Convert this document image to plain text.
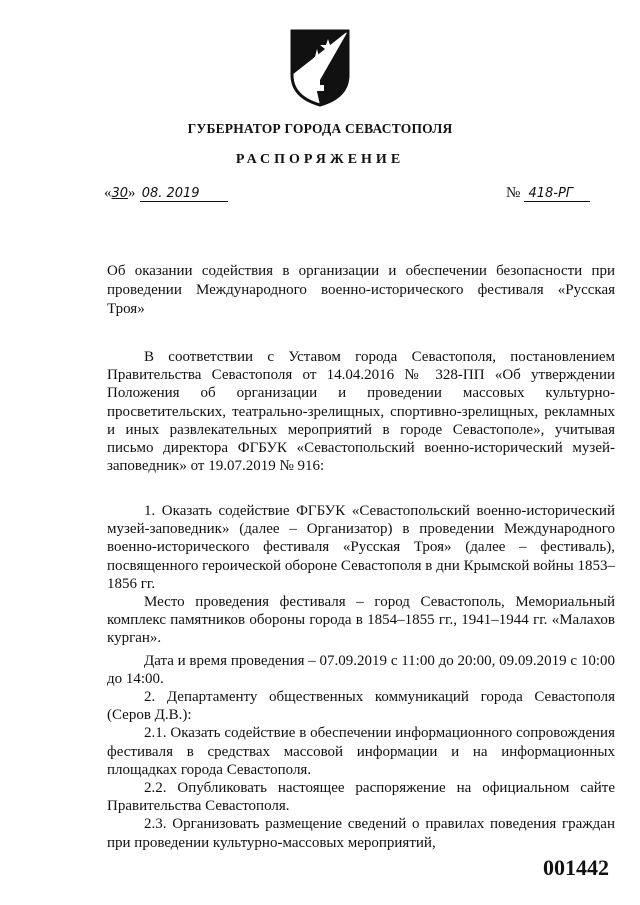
ГУБЕРНАТОР ГОРОДА СЕВАСТОПОЛЯ
РАСПОРЯЖЕНИЕ
«30» 08. 2019	№ 418-РГ
Об оказании содействия в организации и обеспечении безопасности при проведении Международного военно-исторического фестиваля «Русская Троя»

В соответствии с Уставом города Севастополя, постановлением Правительства Севастополя от 14.04.2016 № 328-ПП «Об утверждении Положения об организации и проведении массовых культурно-просветительских, театрально-зрелищных, спортивно-зрелищных, рекламных и иных развлекательных мероприятий в городе Севастополе», учитывая письмо директора ФГБУК «Севастопольский военно-исторический музей-заповедник» от 19.07.2019 № 916:

1. Оказать содействие ФГБУК «Севастопольский военно-исторический музей-заповедник» (далее – Организатор) в проведении Международного военно-исторического фестиваля «Русская Троя» (далее – фестиваль), посвященного героической обороне Севастополя в дни Крымской войны 1853–1856 гг.

Место проведения фестиваля – город Севастополь, Мемориальный комплекс памятников обороны города в 1854–1855 гг., 1941–1944 гг. «Малахов курган».

Дата и время проведения – 07.09.2019 с 11:00 до 20:00, 09.09.2019 с 10:00 до 14:00.

2. Департаменту общественных коммуникаций города Севастополя (Серов Д.В.):

2.1. Оказать содействие в обеспечении информационного сопровождения фестиваля в средствах массовой информации и на информационных площадках города Севастополя.

2.2. Опубликовать настоящее распоряжение на официальном сайте Правительства Севастополя.

2.3. Организовать размещение сведений о правилах поведения граждан при проведении культурно-массовых мероприятий,

001442
